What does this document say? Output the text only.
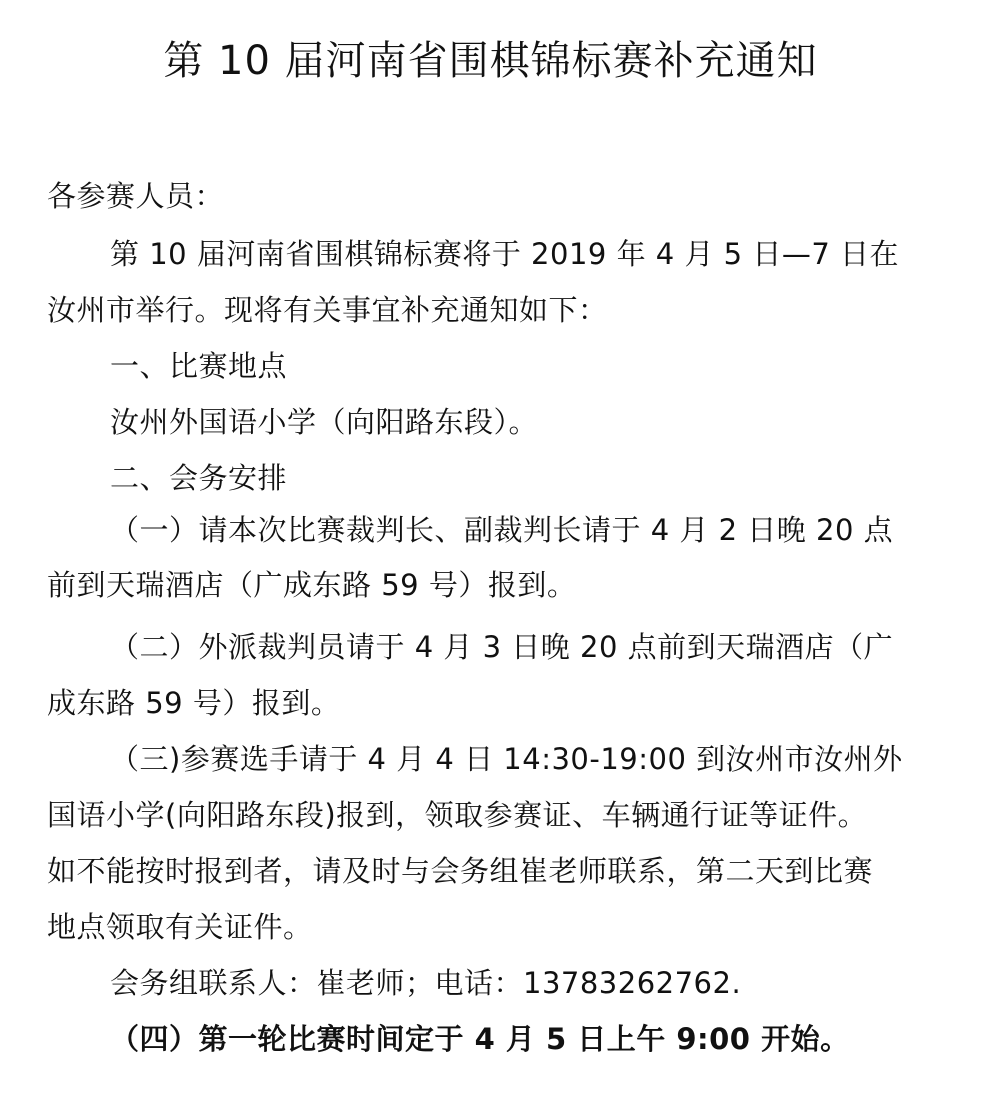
第 10 届河南省围棋锦标赛补充通知
各参赛人员：
第 10 届河南省围棋锦标赛将于 2019 年 4 月 5 日—7 日在
汝州市举行。现将有关事宜补充通知如下：
一、比赛地点
汝州外国语小学（向阳路东段）。
二、会务安排
（一）请本次比赛裁判长、副裁判长请于 4 月 2 日晚 20 点
前到天瑞酒店（广成东路 59 号）报到。
（二）外派裁判员请于 4 月 3 日晚 20 点前到天瑞酒店（广
成东路 59 号）报到。
（三)参赛选手请于 4 月 4 日 14:30-19:00 到汝州市汝州外
国语小学(向阳路东段)报到，领取参赛证、车辆通行证等证件。
如不能按时报到者，请及时与会务组崔老师联系，第二天到比赛
地点领取有关证件。
会务组联系人：崔老师；电话：13783262762.
（四）第一轮比赛时间定于 4 月 5 日上午 9:00 开始。
